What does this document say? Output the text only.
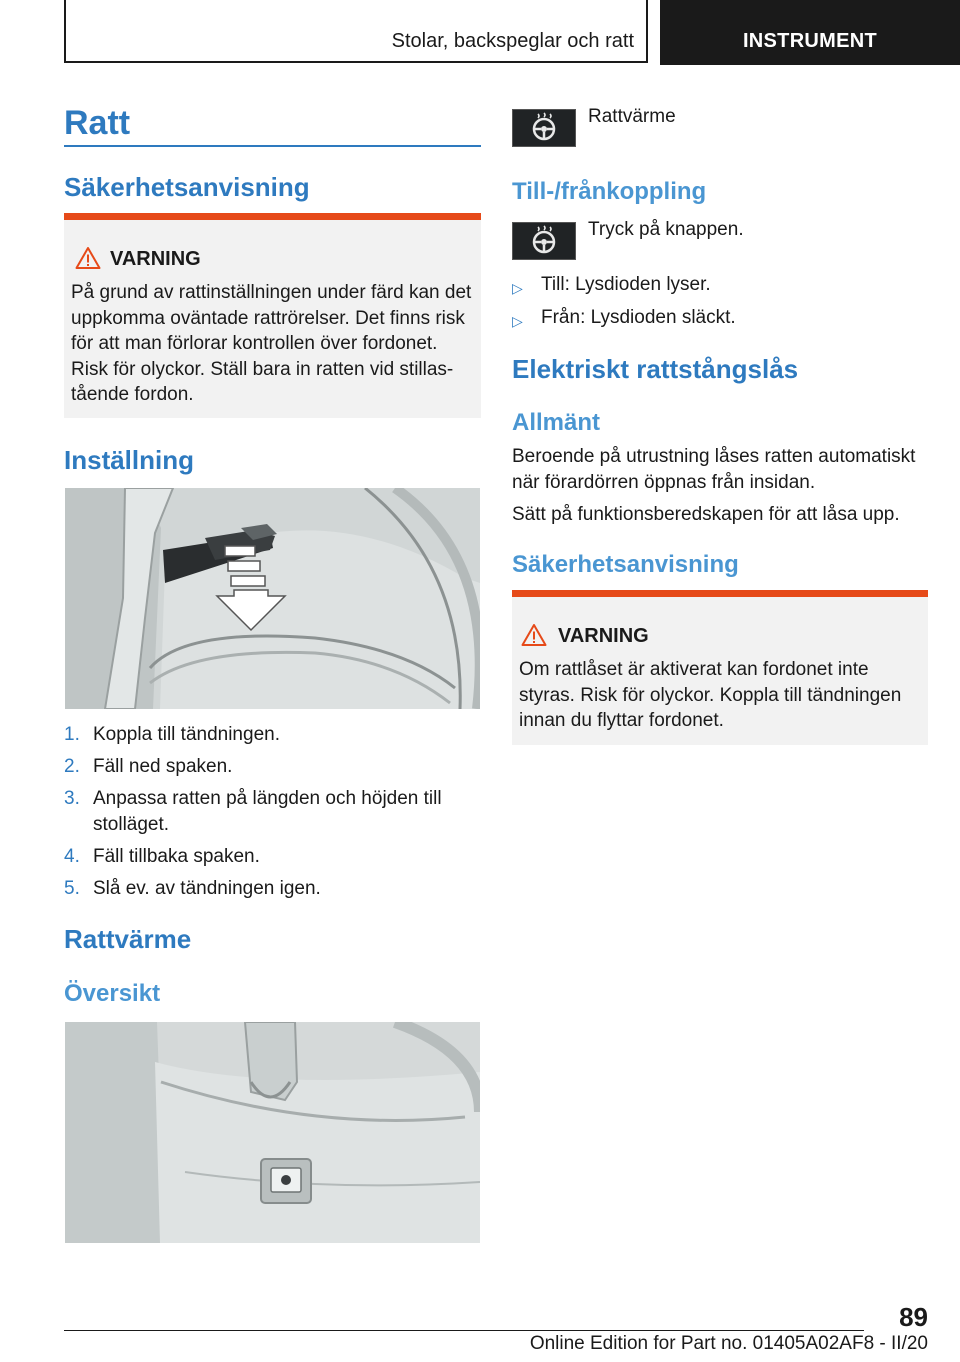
Stolar, backspeglar och ratt	INSTRUMENT
Ratt
Säkerhetsanvisning
VARNING
På grund av rattinställningen under färd kan det uppkomma oväntade rattrörelser. Det finns risk för att man förlorar kontrollen över fordonet. Risk för olyckor. Ställ bara in ratten vid stillas-tående fordon.
Inställning
1. Koppla till tändningen.
2. Fäll ned spaken.
3. Anpassa ratten på längden och höjden till stolläget.
4. Fäll tillbaka spaken.
5. Slå ev. av tändningen igen.
Rattvärme
Översikt
Rattvärme
Till-/frånkoppling
Tryck på knappen.
▷ Till: Lysdioden lyser.
▷ Från: Lysdioden släckt.
Elektriskt rattstångslås
Allmänt
Beroende på utrustning låses ratten automatiskt när förardörren öppnas från insidan.
Sätt på funktionsberedskapen för att låsa upp.
Säkerhetsanvisning
VARNING
Om rattlåset är aktiverat kan fordonet inte styras. Risk för olyckor. Koppla till tändningen innan du flyttar fordonet.
89
Online Edition for Part no. 01405A02AF8 - II/20
